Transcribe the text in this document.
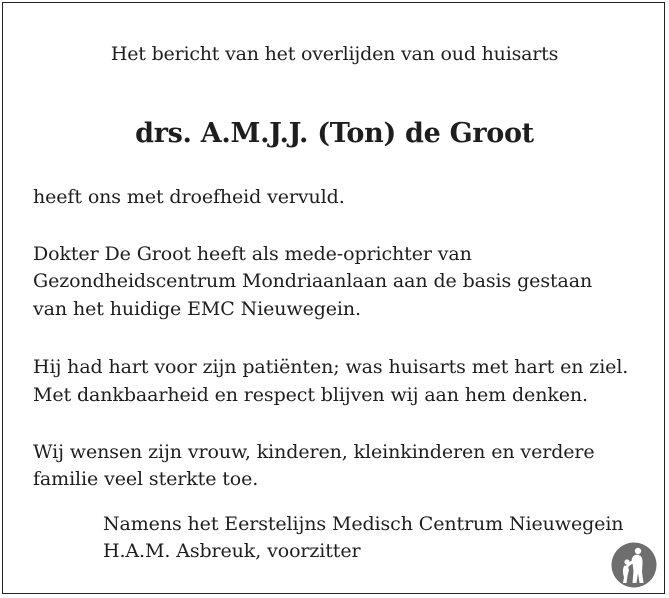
Het bericht van het overlijden van oud huisarts
drs. A.M.J.J. (Ton) de Groot
heeft ons met droefheid vervuld.
Dokter De Groot heeft als mede-oprichter van
Gezondheidscentrum Mondriaanlaan aan de basis gestaan
van het huidige EMC Nieuwegein.
Hij had hart voor zijn patiënten; was huisarts met hart en ziel.
Met dankbaarheid en respect blijven wij aan hem denken.
Wij wensen zijn vrouw, kinderen, kleinkinderen en verdere
familie veel sterkte toe.
Namens het Eerstelijns Medisch Centrum Nieuwegein
H.A.M. Asbreuk, voorzitter
